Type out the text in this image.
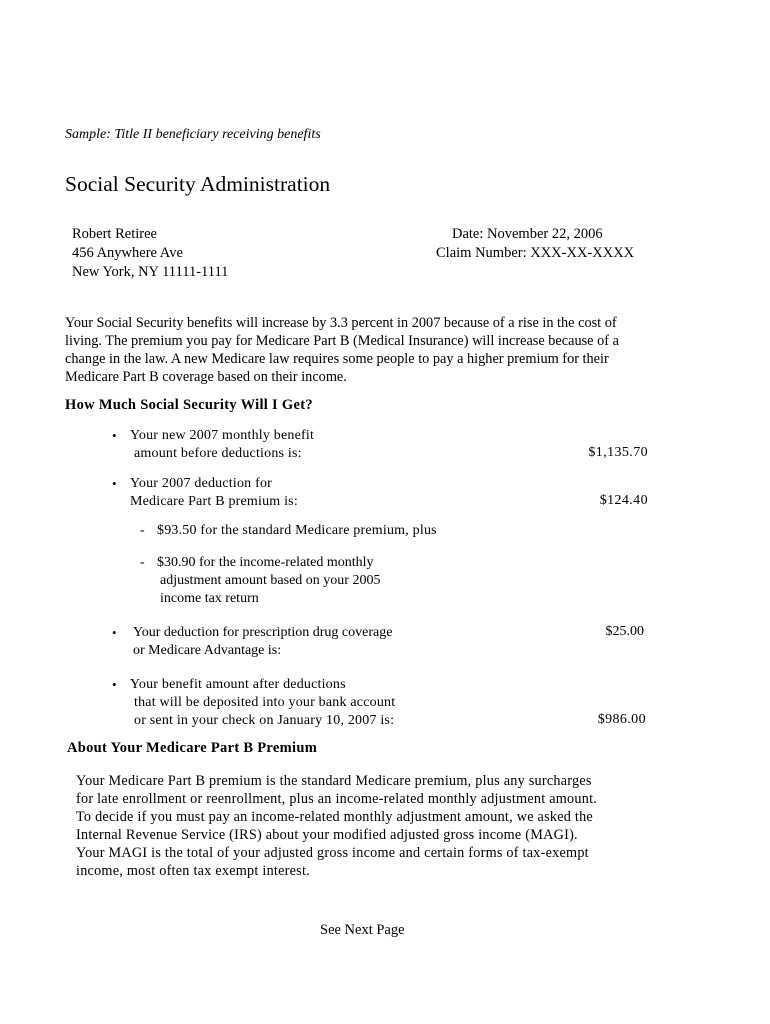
Sample: Title II beneficiary receiving benefits
Social Security Administration
Robert Retiree
456 Anywhere Ave
New York, NY 11111-1111
Date: November 22, 2006
Claim Number: XXX-XX-XXXX
Your Social Security benefits will increase by 3.3 percent in 2007 because of a rise in the cost of
living. The premium you pay for Medicare Part B (Medical Insurance) will increase because of a
change in the law. A new Medicare law requires some people to pay a higher premium for their
Medicare Part B coverage based on their income.
How Much Social Security Will I Get?
• Your new 2007 monthly benefit
amount before deductions is:	$1,135.70
• Your 2007 deduction for
Medicare Part B premium is:	$124.40
- $93.50 for the standard Medicare premium, plus
- $30.90 for the income-related monthly
adjustment amount based on your 2005
income tax return
• Your deduction for prescription drug coverage
or Medicare Advantage is:
$25.00
• Your benefit amount after deductions
that will be deposited into your bank account
or sent in your check on January 10, 2007 is:	$986.00
About Your Medicare Part B Premium
Your Medicare Part B premium is the standard Medicare premium, plus any surcharges
for late enrollment or reenrollment, plus an income-related monthly adjustment amount.
To decide if you must pay an income-related monthly adjustment amount, we asked the
Internal Revenue Service (IRS) about your modified adjusted gross income (MAGI).
Your MAGI is the total of your adjusted gross income and certain forms of tax-exempt
income, most often tax exempt interest.
See Next Page
